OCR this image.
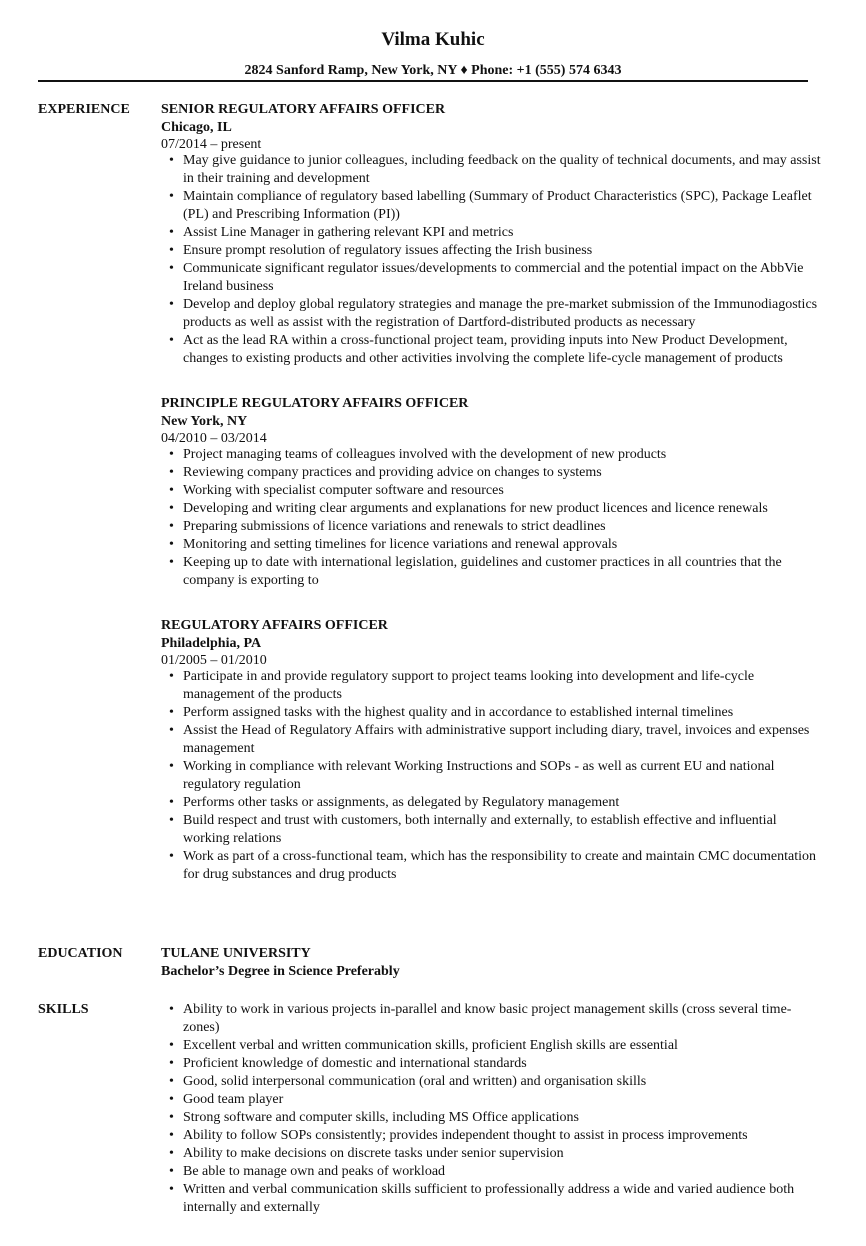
Vilma Kuhic
2824 Sanford Ramp, New York, NY ♦ Phone: +1 (555) 574 6343
EXPERIENCE SENIOR REGULATORY AFFAIRS OFFICER
Chicago, IL
07/2014 – present
• May give guidance to junior colleagues, including feedback on the quality of technical documents, and may assist in their training and development
• Maintain compliance of regulatory based labelling (Summary of Product Characteristics (SPC), Package Leaflet (PL) and Prescribing Information (PI))
• Assist Line Manager in gathering relevant KPI and metrics
• Ensure prompt resolution of regulatory issues affecting the Irish business
• Communicate significant regulator issues/developments to commercial and the potential impact on the AbbVie Ireland business
• Develop and deploy global regulatory strategies and manage the pre-market submission of the Immunodiagostics products as well as assist with the registration of Dartford-distributed products as necessary
• Act as the lead RA within a cross-functional project team, providing inputs into New Product Development, changes to existing products and other activities involving the complete life-cycle management of products
PRINCIPLE REGULATORY AFFAIRS OFFICER
New York, NY
04/2010 – 03/2014
• Project managing teams of colleagues involved with the development of new products
• Reviewing company practices and providing advice on changes to systems
• Working with specialist computer software and resources
• Developing and writing clear arguments and explanations for new product licences and licence renewals
• Preparing submissions of licence variations and renewals to strict deadlines
• Monitoring and setting timelines for licence variations and renewal approvals
• Keeping up to date with international legislation, guidelines and customer practices in all countries that the company is exporting to
REGULATORY AFFAIRS OFFICER
Philadelphia, PA
01/2005 – 01/2010
• Participate in and provide regulatory support to project teams looking into development and life-cycle management of the products
• Perform assigned tasks with the highest quality and in accordance to established internal timelines
• Assist the Head of Regulatory Affairs with administrative support including diary, travel, invoices and expenses management
• Working in compliance with relevant Working Instructions and SOPs - as well as current EU and national regulatory regulation
• Performs other tasks or assignments, as delegated by Regulatory management
• Build respect and trust with customers, both internally and externally, to establish effective and influential working relations
• Work as part of a cross-functional team, which has the responsibility to create and maintain CMC documentation for drug substances and drug products
EDUCATION	TULANE UNIVERSITY
Bachelor’s Degree in Science Preferably
SKILLS
•	Ability to work in various projects in-parallel and know basic project management skills (cross several time-zones)
• Excellent verbal and written communication skills, proficient English skills are essential
• Proficient knowledge of domestic and international standards
• Good, solid interpersonal communication (oral and written) and organisation skills
• Good team player
• Strong software and computer skills, including MS Office applications
• Ability to follow SOPs consistently; provides independent thought to assist in process improvements
• Ability to make decisions on discrete tasks under senior supervision
• Be able to manage own and peaks of workload
• Written and verbal communication skills sufficient to professionally address a wide and varied audience both internally and externally
